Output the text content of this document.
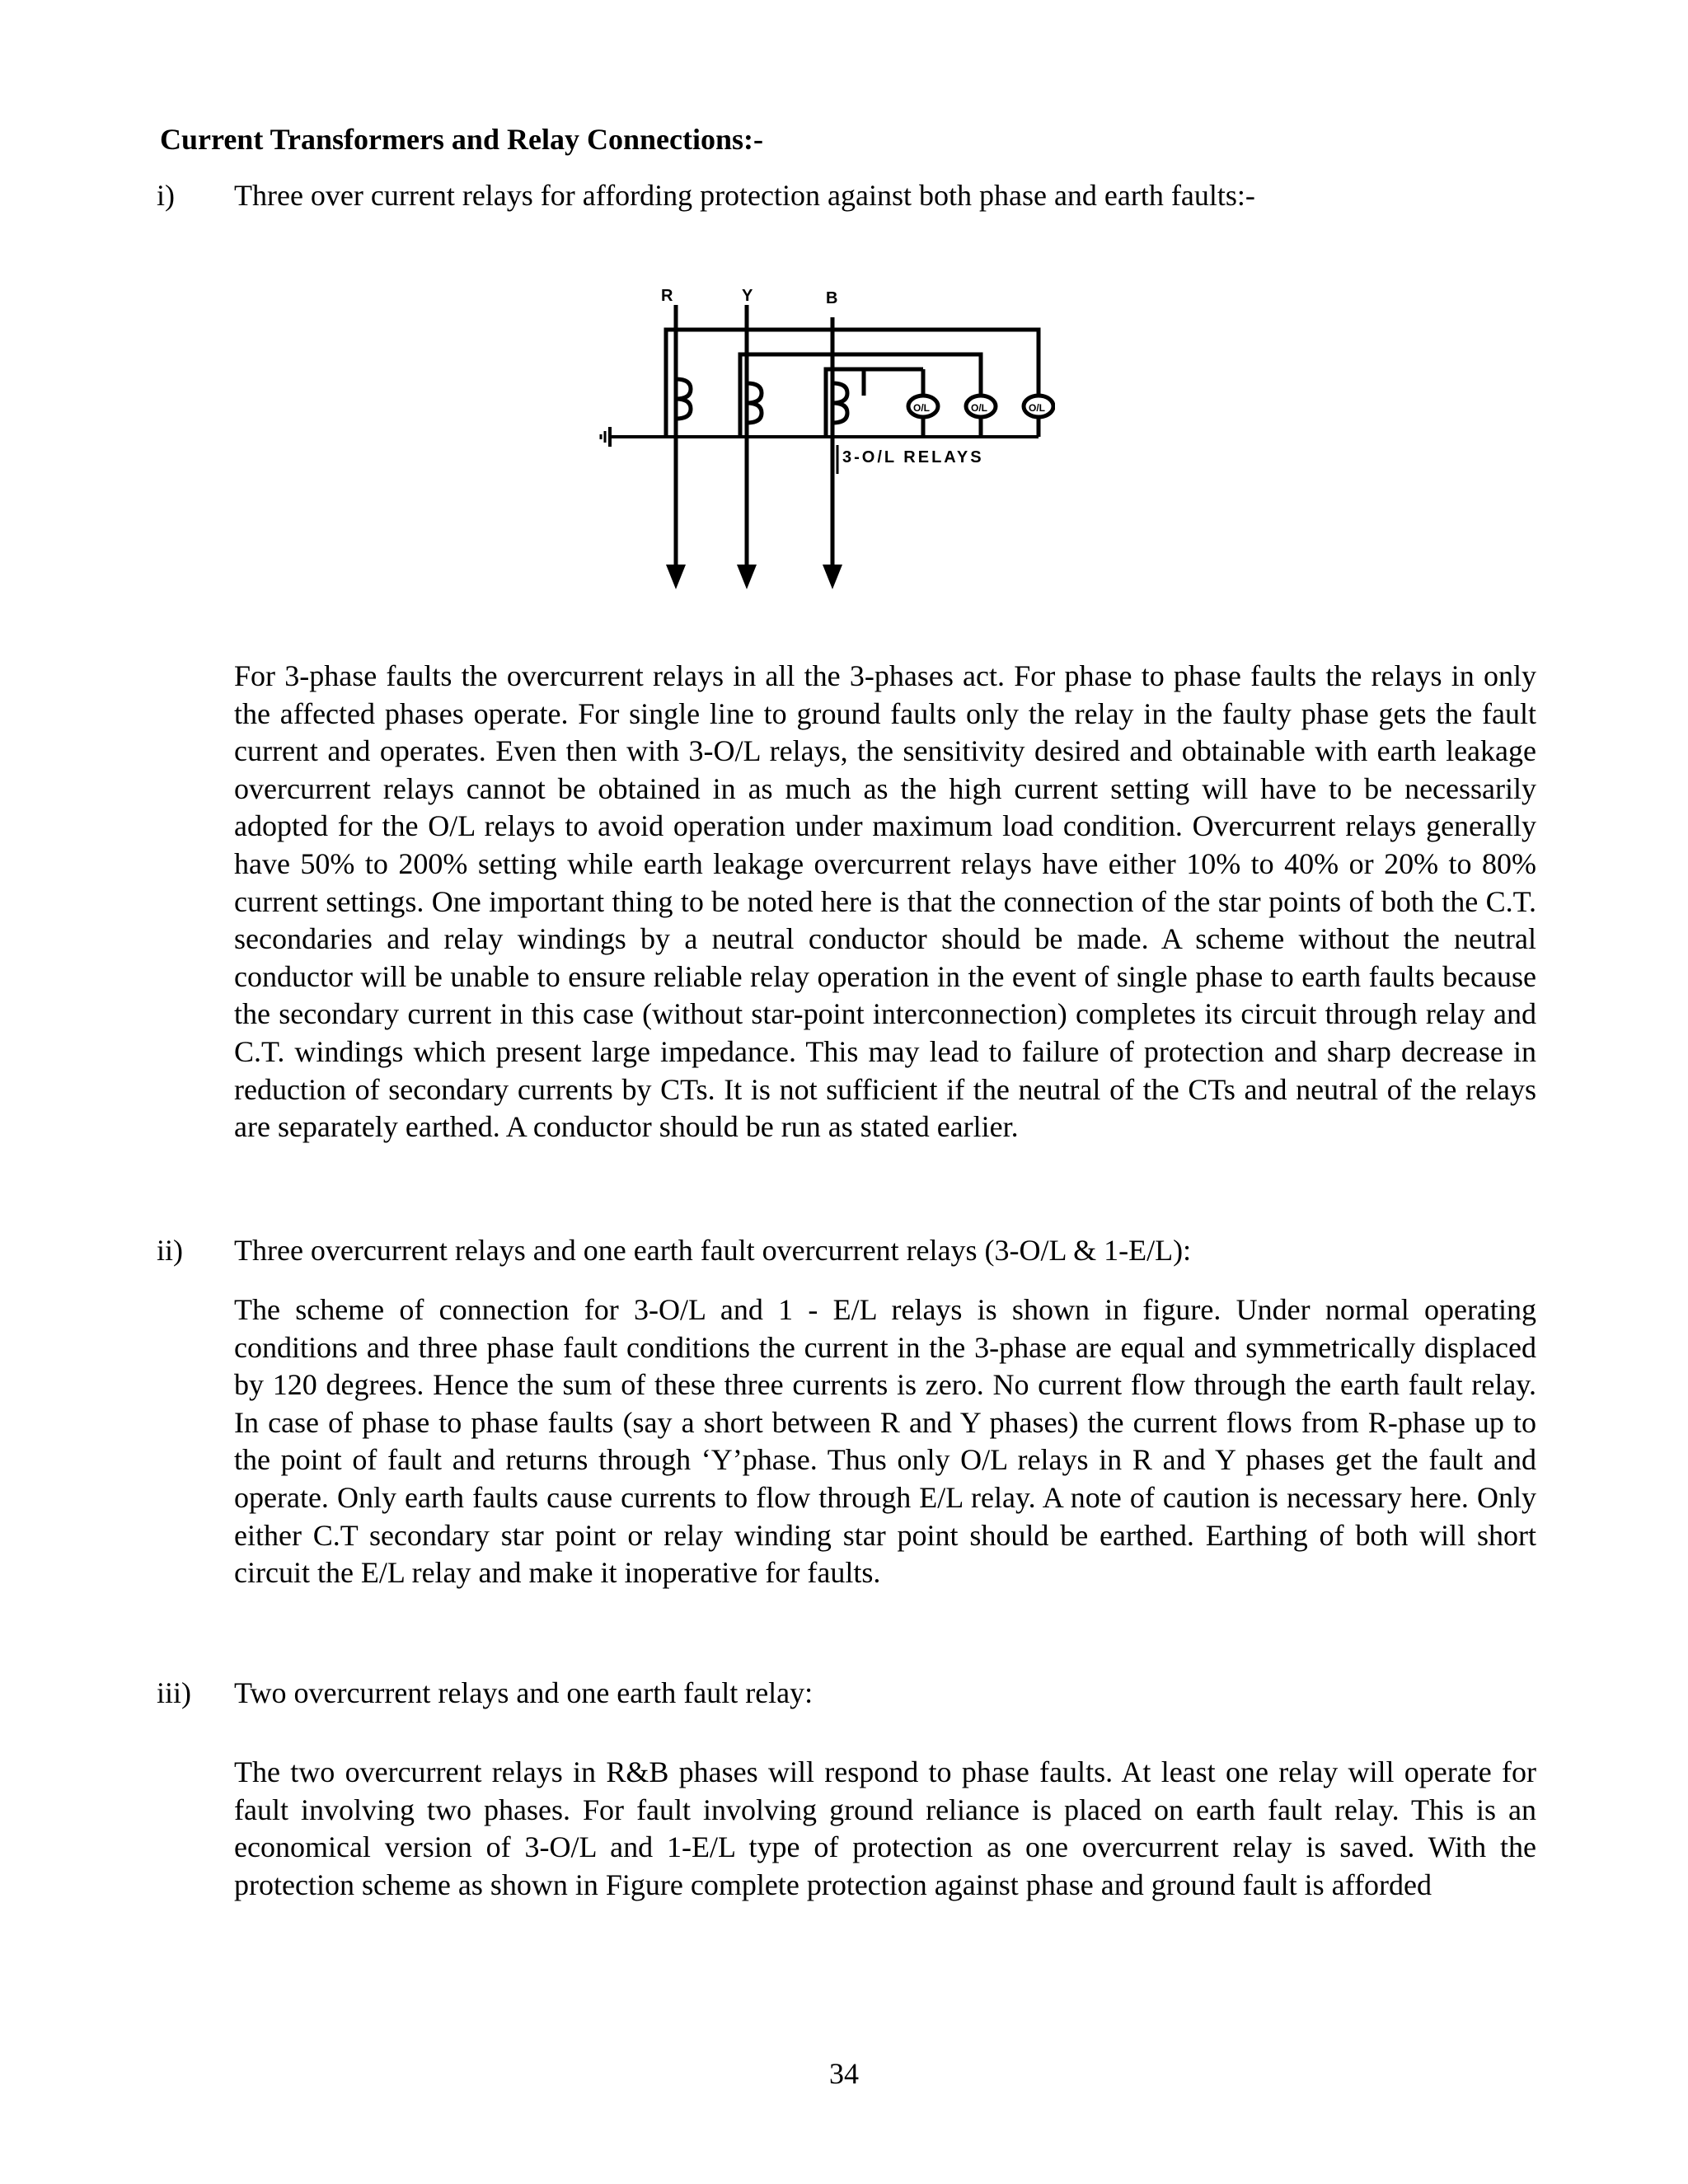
Current Transformers and Relay Connections:-
i) Three over current relays for affording protection against both phase and earth faults:-
R	Y	B
O/L	O/L	O/L
3-O/L RELAYS
For 3-phase faults the overcurrent relays in all the 3-phases act. For phase to phase faults the relays in only the affected phases operate. For single line to ground faults only the relay in the faulty phase gets the fault current and operates. Even then with 3-O/L relays, the sensitivity desired and obtainable with earth leakage overcurrent relays cannot be obtained in as much as the high current setting will have to be necessarily adopted for the O/L relays to avoid operation under maximum load condition. Overcurrent relays generally have 50% to 200% setting while earth leakage overcurrent relays have either 10% to 40% or 20% to 80% current settings. One important thing to be noted here is that the connection of the star points of both the C.T. secondaries and relay windings by a neutral conductor should be made. A scheme without the neutral conductor will be unable to ensure reliable relay operation in the event of single phase to earth faults because the secondary current in this case (without star-point interconnection) completes its circuit through relay and C.T. windings which present large impedance. This may lead to failure of protection and sharp decrease in reduction of secondary currents by CTs. It is not sufficient if the neutral of the CTs and neutral of the relays are separately earthed. A conductor should be run as stated earlier.
ii) Three overcurrent relays and one earth fault overcurrent relays (3-O/L & 1-E/L):
The scheme of connection for 3-O/L and 1 - E/L relays is shown in figure. Under normal operating conditions and three phase fault conditions the current in the 3-phase are equal and symmetrically displaced by 120 degrees. Hence the sum of these three currents is zero. No current flow through the earth fault relay. In case of phase to phase faults (say a short between R and Y phases) the current flows from R-phase up to the point of fault and returns through ‘Y’phase. Thus only O/L relays in R and Y phases get the fault and operate. Only earth faults cause currents to flow through E/L relay. A note of caution is necessary here. Only either C.T secondary star point or relay winding star point should be earthed. Earthing of both will short circuit the E/L relay and make it inoperative for faults.
iii) Two overcurrent relays and one earth fault relay:
The two overcurrent relays in R&B phases will respond to phase faults. At least one relay will operate for fault involving two phases. For fault involving ground reliance is placed on earth fault relay. This is an economical version of 3-O/L and 1-E/L type of protection as one overcurrent relay is saved. With the protection scheme as shown in Figure complete protection against phase and ground fault is afforded
34
